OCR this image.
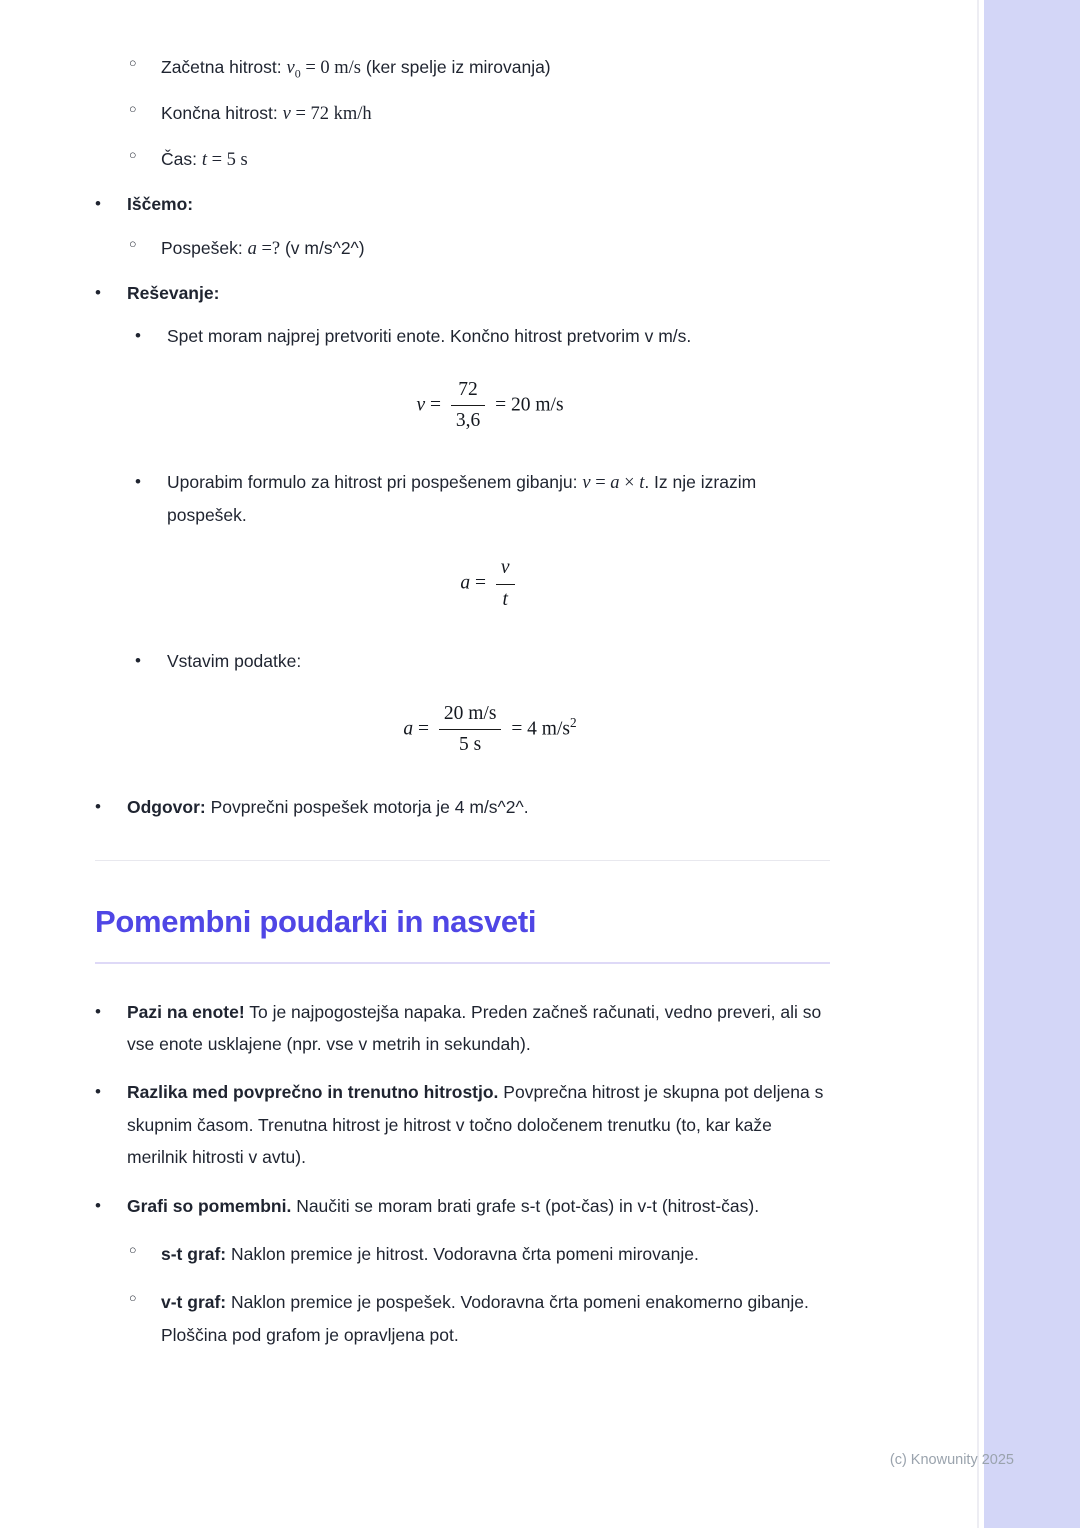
○	Začetna hitrost: $v_0 = 0$ m/s (ker spelje iz mirovanja)
○	Končna hitrost: v = 72 km/h
○	Čas: t = 5 s
•	Iščemo:
○	Pospešek: a =? (v m/s^2^)
•	Reševanje:
•	Spet moram najprej pretvoriti enote. Končno hitrost pretvorim v m/s.
$v = \frac{72}{3,6} = 20$ m/s
•	Uporabim formulo za hitrost pri pospešenem gibanju: v = a × t. Iz nje izrazim pospešek.
$a = \frac{v}{t}$
•	Vstavim podatke:
$a = \frac{20 m/s}{5 s} = 4$ $m/s^2$
•	Odgovor: Povprečni pospešek motorja je 4 m/s^2^.
Pomembni poudarki in nasveti
•	Pazi na enote! To je najpogostejša napaka. Preden začneš računati, vedno preveri, ali so vse enote usklajene (npr. vse v metrih in sekundah).
•	Razlika med povprečno in trenutno hitrostjo. Povprečna hitrost je skupna pot deljena s skupnim časom. Trenutna hitrost je hitrost v točno določenem trenutku (to, kar kaže merilnik hitrosti v avtu).
•	Grafi so pomembni. Naučiti se moram brati grafe s-t (pot-čas) in v-t (hitrost-čas).
○	s-t graf: Naklon premice je hitrost. Vodoravna črta pomeni mirovanje.
○	v-t graf: Naklon premice je pospešek. Vodoravna črta pomeni enakomerno gibanje. Ploščina pod grafom je opravljena pot.
(c) Knowunity 2025
